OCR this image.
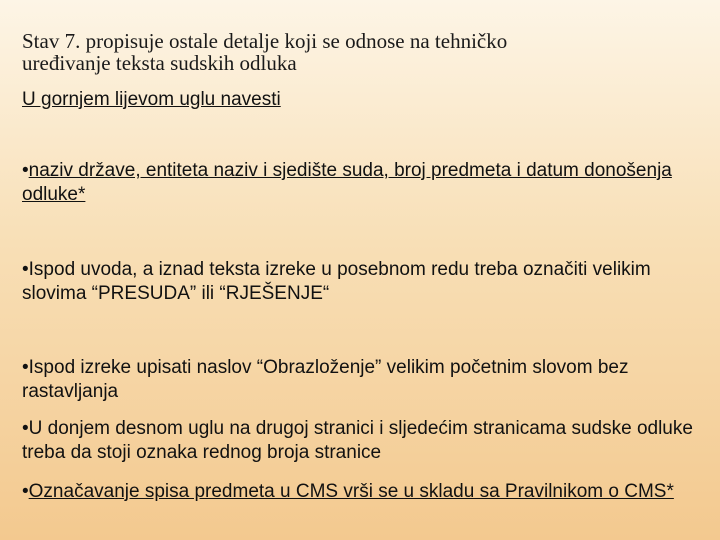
Stav 7. propisuje ostale detalje koji se odnose na tehničko
uređivanje teksta sudskih odluka
U gornjem lijevom uglu navesti
•naziv države, entiteta naziv i sjedište suda, broj predmeta i datum donošenja odluke*
•Ispod uvoda, a iznad teksta izreke u posebnom redu treba označiti velikim slovima “PRESUDA” ili “RJEŠENJE“
•Ispod izreke upisati naslov “Obrazloženje” velikim početnim slovom bez rastavljanja
•U donjem desnom uglu na drugoj stranici i sljedećim stranicama sudske odluke treba da stoji oznaka rednog broja stranice
•Označavanje spisa predmeta u CMS vrši se u skladu sa Pravilnikom o CMS*
